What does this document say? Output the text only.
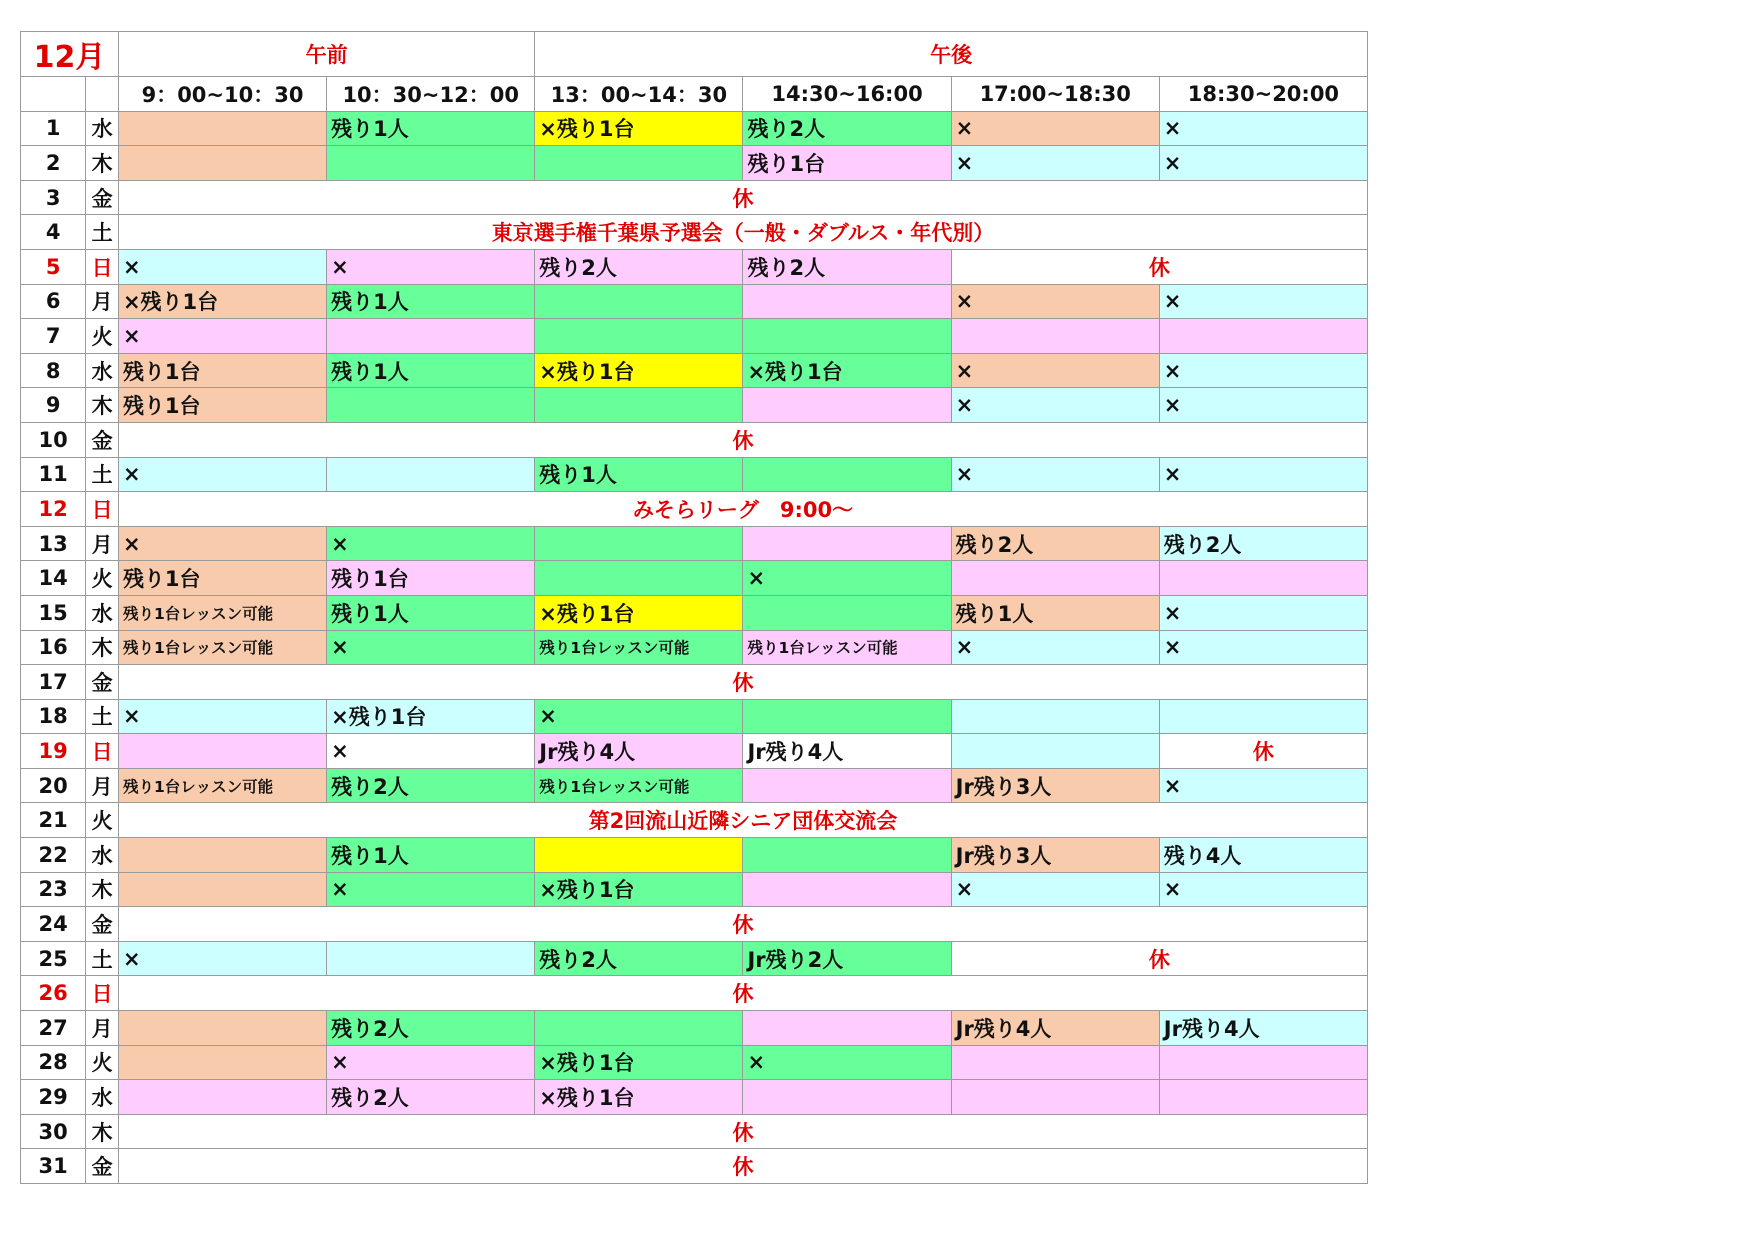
12月		午前		午後			
		9：00~10：30	10：30~12：00	13：00~14：30	14:30~16:00	17:00~18:30	18:30~20:00
1	水		残り1人	×残り1台	残り2人	×	×
2	木				残り1台	×	×
3	金	休					
4	土	東京選手権千葉県予選会（一般・ダブルス・年代別）					
5	日	×	×	残り2人	残り2人	休	
6	月	×残り1台	残り1人			×	×
7	火	×					
8	水	残り1台	残り1人	×残り1台	×残り1台	×	×
9	木	残り1台				×	×
10	金	休					
11	土	×		残り1人		×	×
12	日	みそらリーグ　9:00～					
13	月	×	×			残り2人	残り2人
14	火	残り1台	残り1台		×		
15	水	残り1台レッスン可能	残り1人	×残り1台		残り1人	×
16	木	残り1台レッスン可能	×	残り1台レッスン可能	残り1台レッスン可能	×	×
17	金	休					
18	土	×	×残り1台	×			
19	日		×	Jr残り4人	Jr残り4人		休
20	月	残り1台レッスン可能	残り2人	残り1台レッスン可能		Jr残り3人	×
21	火	第2回流山近隣シニア団体交流会					
22	水		残り1人			Jr残り3人	残り4人
23	木		×	×残り1台		×	×
24	金	休					
25	土	×		残り2人	Jr残り2人	休	
26	日	休					
27	月		残り2人			Jr残り4人	Jr残り4人
28	火		×	×残り1台	×		
29	水		残り2人	×残り1台			
30	木	休					
31	金	休					
